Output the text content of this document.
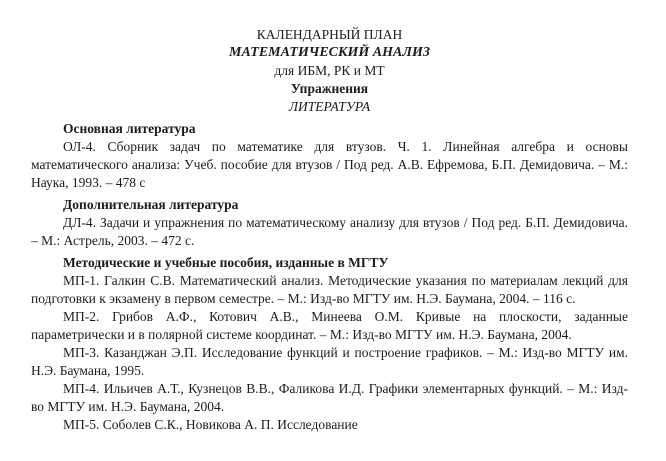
КАЛЕНДАРНЫЙ ПЛАН
МАТЕМАТИЧЕСКИЙ АНАЛИЗ
для ИБМ, РК и МТ
Упражнения
ЛИТЕРАТУРА
Основная литература

ОЛ-4. Сборник задач по математике для втузов. Ч. 1. Линейная алгебра и основы математического анализа: Учеб. пособие для втузов / Под ред. А.В. Ефремова, Б.П. Демидовича. – М.: Наука, 1993. – 478 с

Дополнительная литература

ДЛ-4. Задачи и упражнения по математическому анализу для втузов / Под ред. Б.П. Демидовича. – М.: Астрель, 2003. – 472 с.

Методические и учебные пособия, изданные в МГТУ

МП-1. Галкин С.В. Математический анализ. Методические указания по материалам лекций для подготовки к экзамену в первом семестре. – М.: Изд-во МГТУ им. Н.Э. Баумана, 2004. – 116 с.

МП-2. Грибов А.Ф., Котович А.В., Минеева О.М. Кривые на плоскости, заданные параметрически и в полярной системе координат. – М.: Изд-во МГТУ им. Н.Э. Баумана, 2004.

МП-3. Казанджан Э.П. Исследование функций и построение графиков. – М.: Изд-во МГТУ им. Н.Э. Баумана, 1995.

МП-4. Ильичев А.Т., Кузнецов В.В., Фаликова И.Д. Графики элементарных функций. – М.: Изд-во МГТУ им. Н.Э. Баумана, 2004.

МП-5. Соболев С.К., Новикова А. П. Исследование
